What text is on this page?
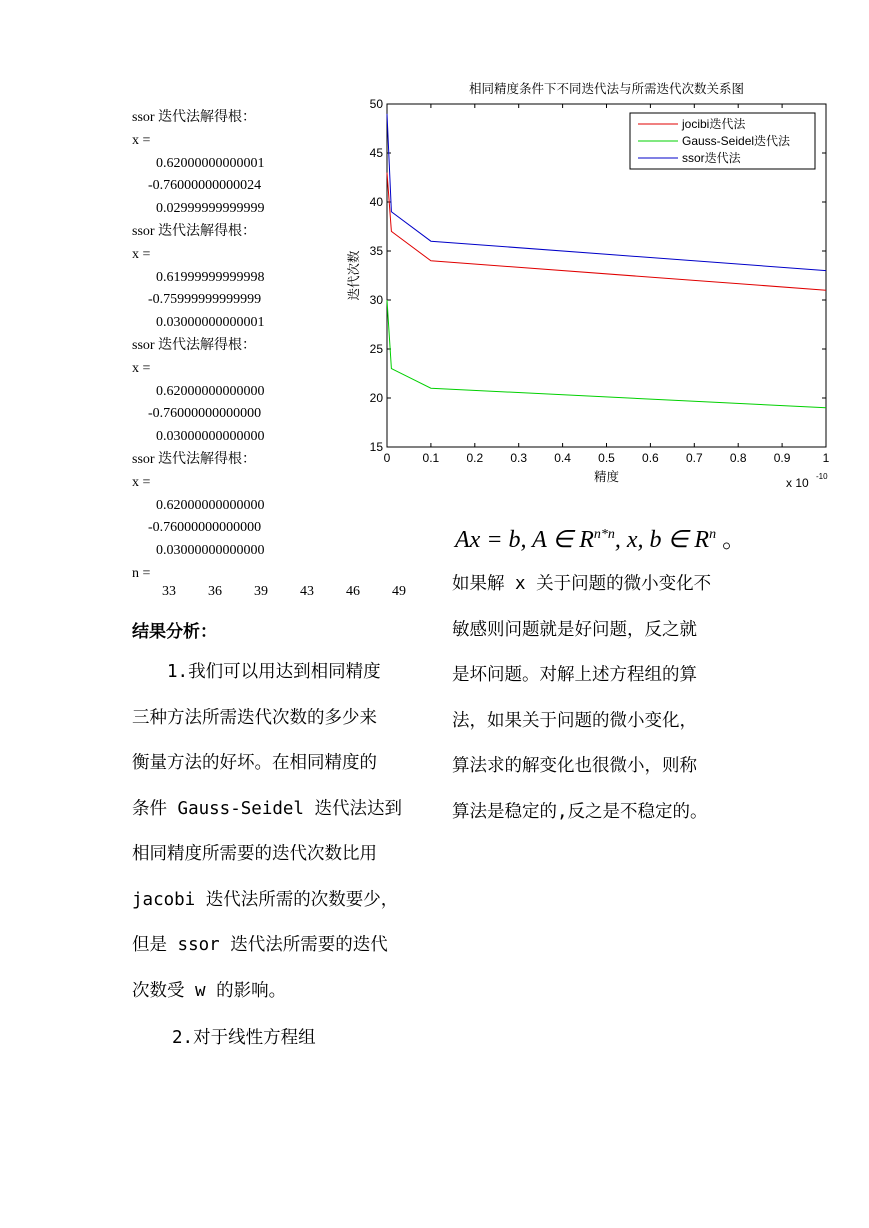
ssor 迭代法解得根：
x =
0.62000000000001
-0.76000000000024
0.02999999999999
ssor 迭代法解得根：
x =
0.61999999999998
-0.75999999999999
0.03000000000001
ssor 迭代法解得根：
x =
0.62000000000000
-0.76000000000000
0.03000000000000
ssor 迭代法解得根：
x =
0.62000000000000
-0.76000000000000
0.03000000000000
n =
33 36 39 43 46 49
相同精度条件下不同迭代法与所需迭代次数关系图
0	0.1 0.2 0.3 0.4 0.5 0.6 0.7 0.8 0.9	1
15
20
25
30
35
40
45
50
精度
迭代次数
x 10 -10
jocibi迭代法
Gauss-Seidel迭代法
ssor迭代法
Ax = b, A ∈ $R^{n*n}$, x, b ∈ $R^n$ 。
结果分析：
　　1.我们可以用达到相同精度
三种方法所需迭代次数的多少来
衡量方法的好坏。在相同精度的
条件 Gauss-Seidel 迭代法达到
相同精度所需要的迭代次数比用
jacobi 迭代法所需的次数要少，
但是 ssor 迭代法所需要的迭代
次数受 w 的影响。
2.对于线性方程组
如果解 x 关于问题的微小变化不
敏感则问题就是好问题，反之就
是坏问题。对解上述方程组的算
法，如果关于问题的微小变化，
算法求的解变化也很微小，则称
算法是稳定的,反之是不稳定的。
